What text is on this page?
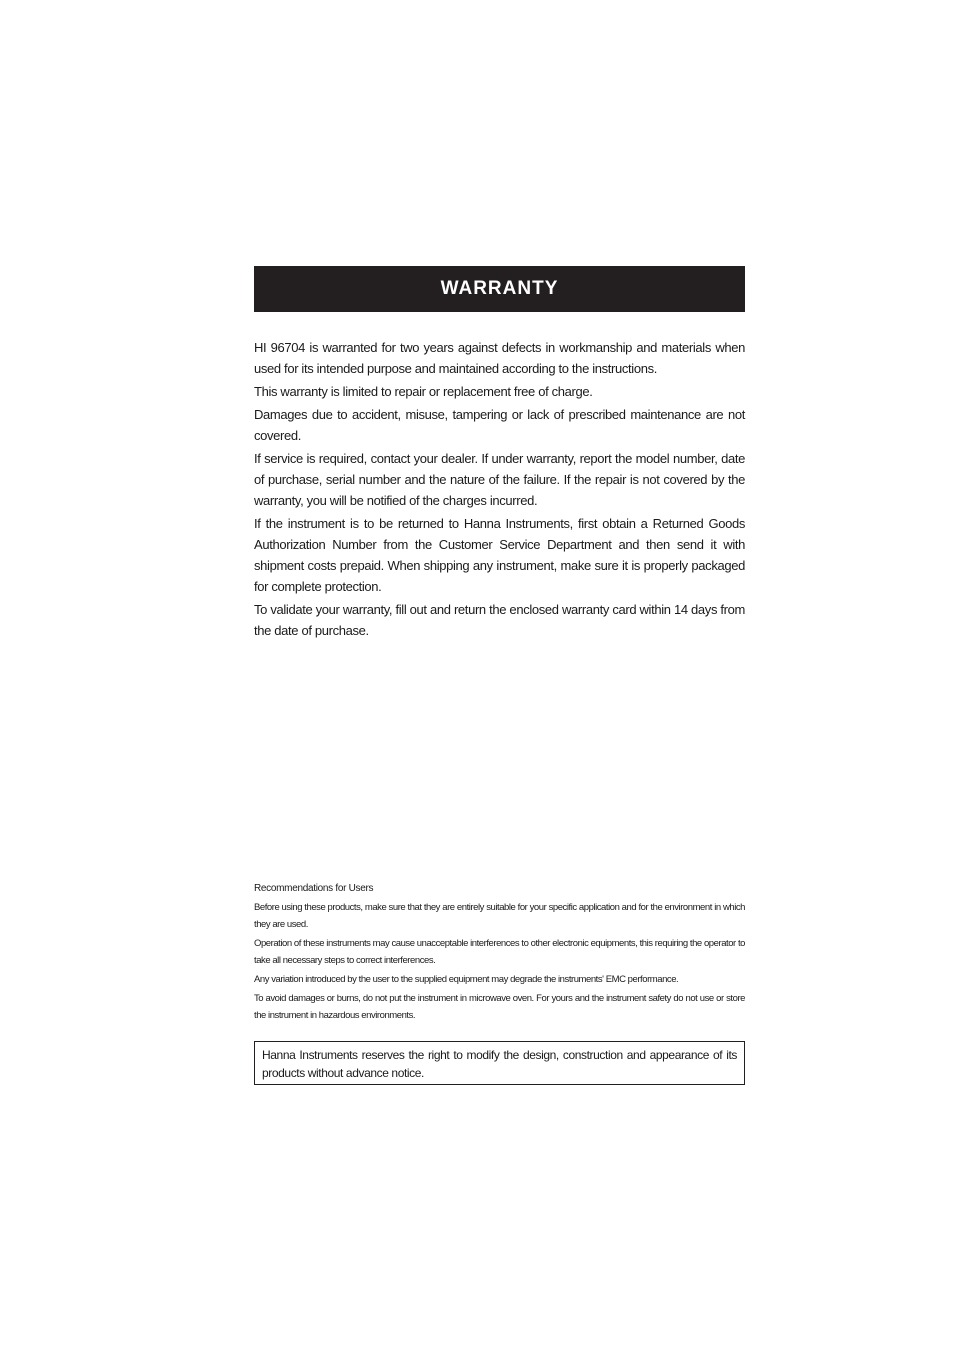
WARRANTY

HI 96704 is warranted for two years against defects in workmanship and materials when used for its intended purpose and maintained according to the instructions.

This warranty is limited to repair or replacement free of charge.

Damages due to accident, misuse, tampering or lack of prescribed maintenance are not covered.

If service is required, contact your dealer. If under warranty, report the model number, date of purchase, serial number and the nature of the failure. If the repair is not covered by the warranty, you will be notified of the charges incurred.

If the instrument is to be returned to Hanna Instruments, first obtain a Returned Goods Authorization Number from the Customer Service Department and then send it with shipment costs prepaid. When shipping any instrument, make sure it is properly packaged for complete protection.

To validate your warranty, fill out and return the enclosed warranty card within 14 days from the date of purchase.

Recommendations for Users

Before using these products, make sure that they are entirely suitable for your specific application and for the environment in which they are used.

Operation of these instruments may cause unacceptable interferences to other electronic equipments, this requiring the operator to take all necessary steps to correct interferences.

Any variation introduced by the user to the supplied equipment may degrade the instruments' EMC performance.

To avoid damages or burns, do not put the instrument in microwave oven. For yours and the instrument safety do not use or store the instrument in hazardous environments.

Hanna Instruments reserves the right to modify the design, construction and appearance of its products without advance notice.
